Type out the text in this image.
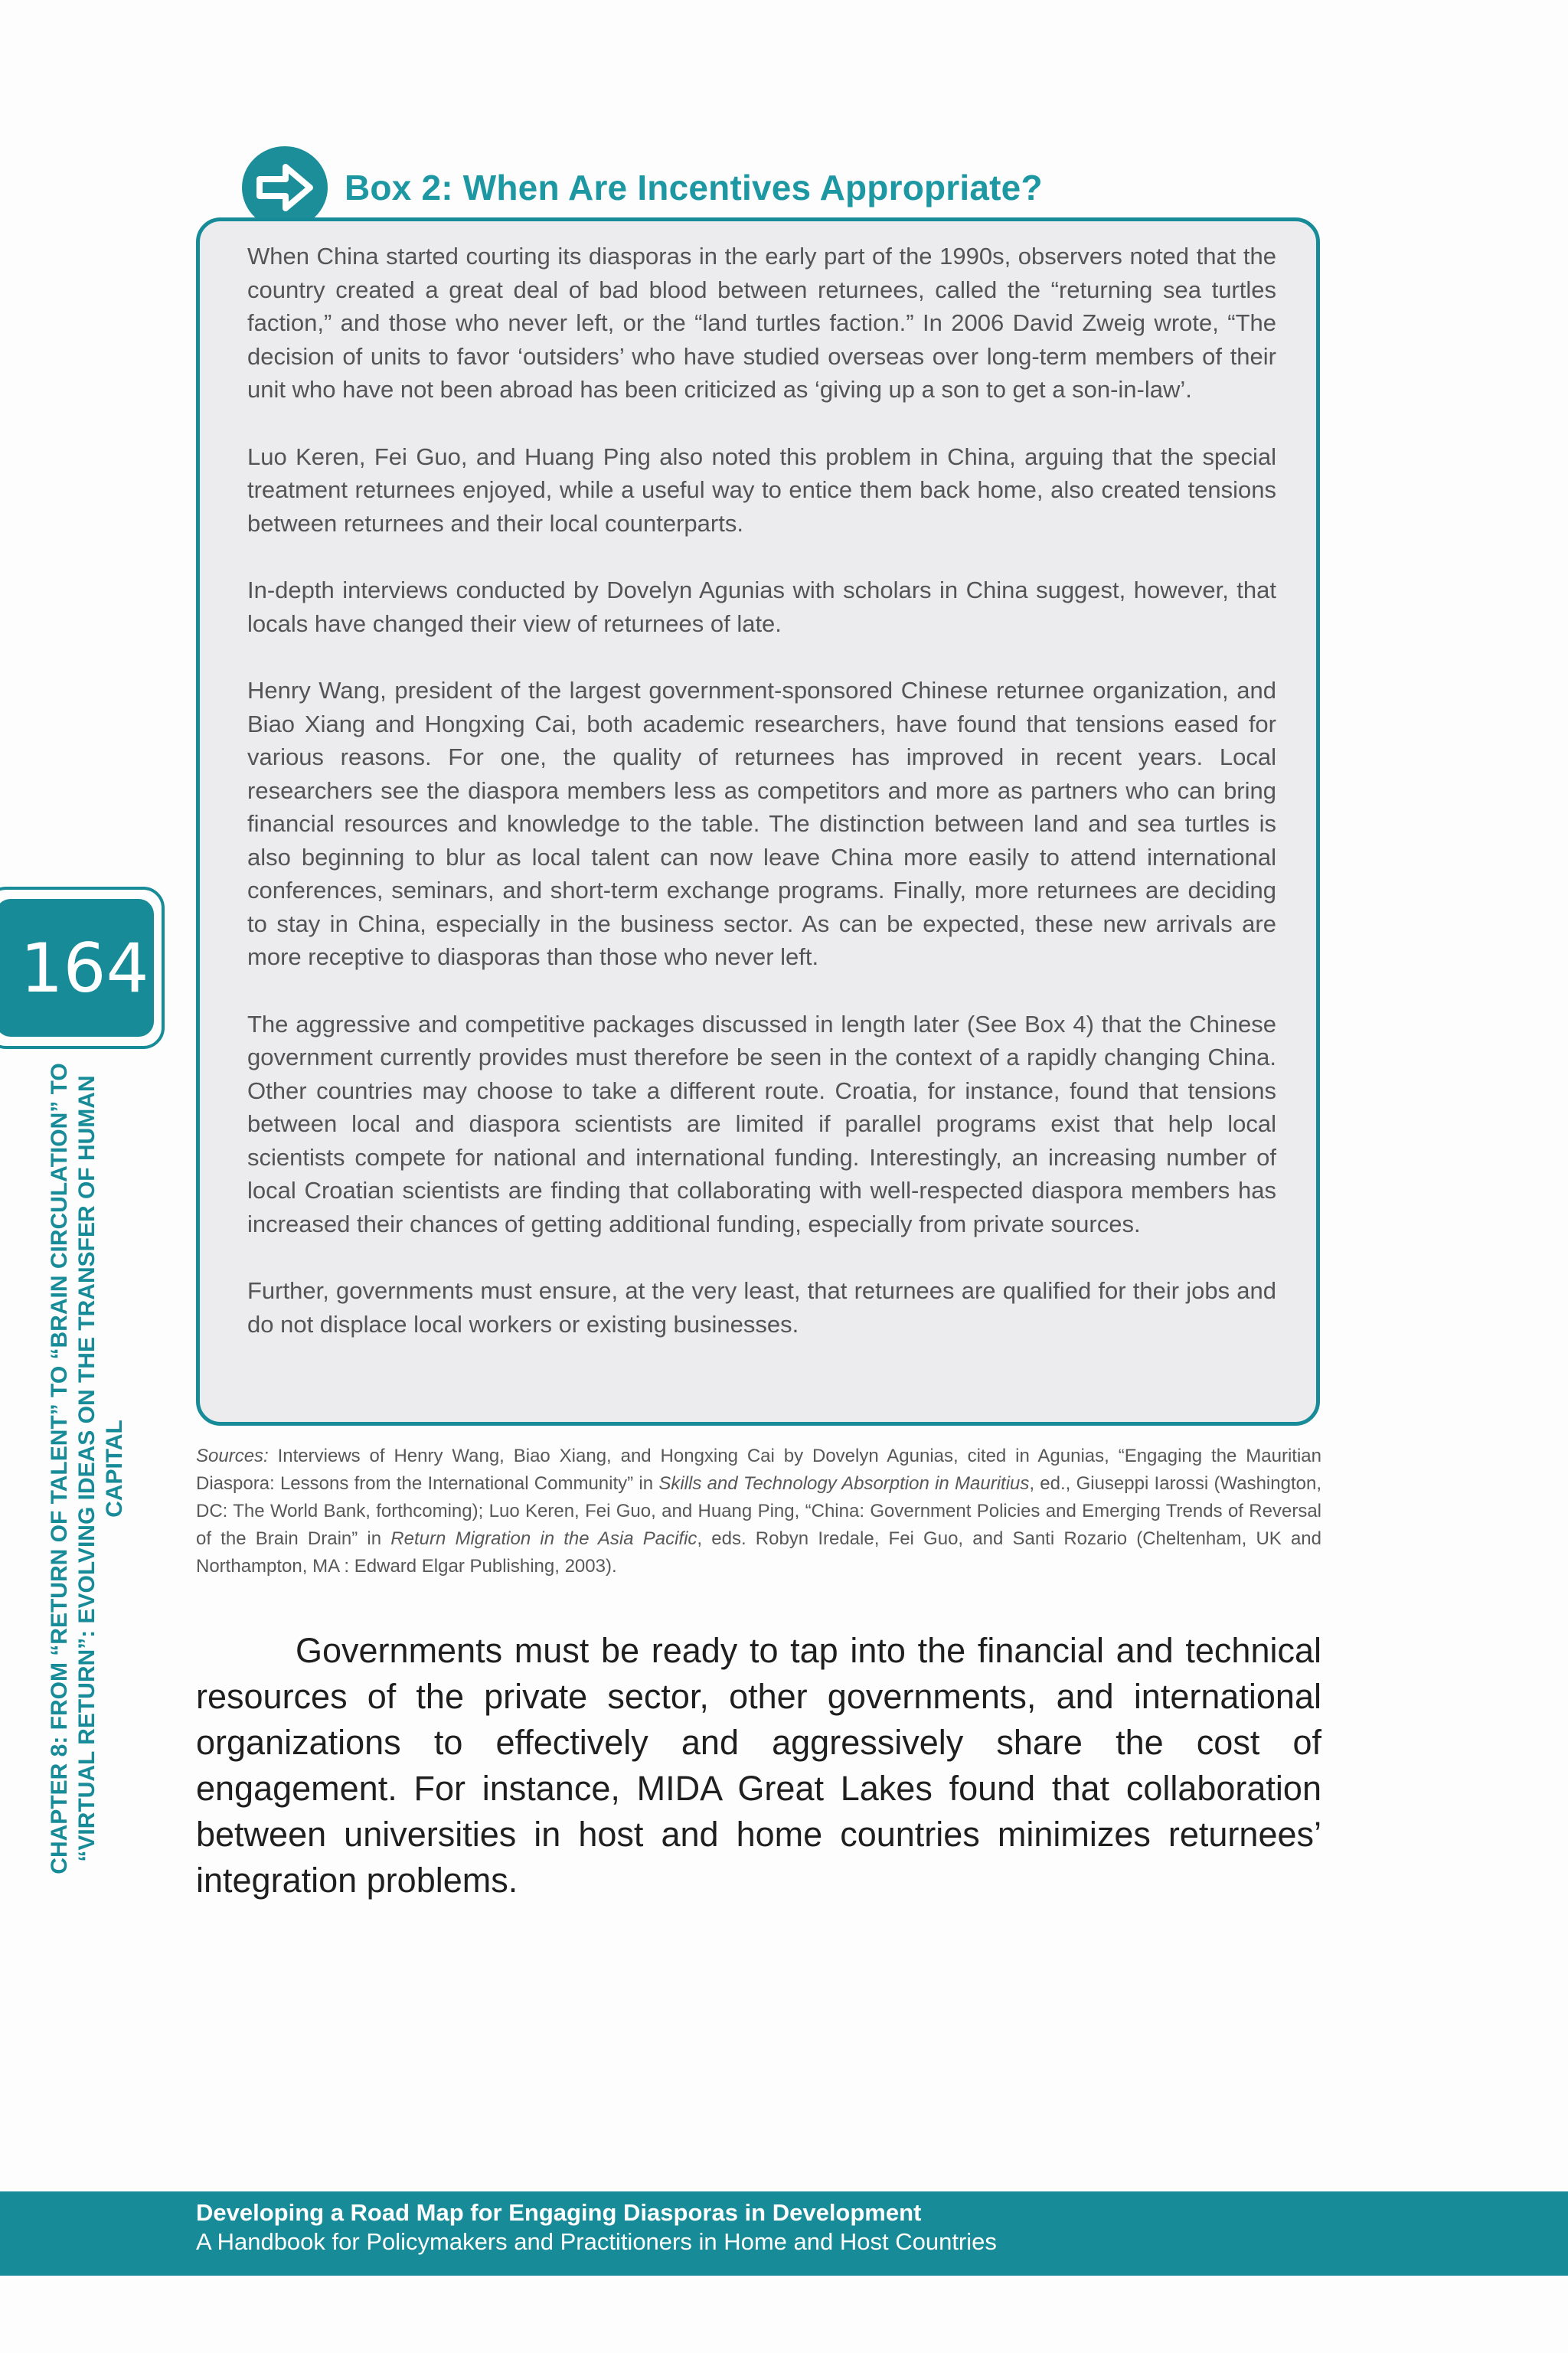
Box 2: When Are Incentives Appropriate?

When China started courting its diasporas in the early part of the 1990s, observers noted that the country created a great deal of bad blood between returnees, called the “returning sea turtles faction,” and those who never left, or the “land turtles faction.” In 2006 David Zweig wrote, “The decision of units to favor ‘outsiders’ who have studied overseas over long-term members of their unit who have not been abroad has been criticized as ‘giving up a son to get a son-in-law’.

Luo Keren, Fei Guo, and Huang Ping also noted this problem in China, arguing that the special treatment returnees enjoyed, while a useful way to entice them back home, also created tensions between returnees and their local counterparts.

In-depth interviews conducted by Dovelyn Agunias with scholars in China suggest, however, that locals have changed their view of returnees of late.

Henry Wang, president of the largest government-sponsored Chinese returnee organization, and Biao Xiang and Hongxing Cai, both academic researchers, have found that tensions eased for various reasons. For one, the quality of returnees has improved in recent years. Local researchers see the diaspora members less as competitors and more as partners who can bring financial resources and knowledge to the table. The distinction between land and sea turtles is also beginning to blur as local talent can now leave China more easily to attend international conferences, seminars, and short-term exchange programs. Finally, more returnees are deciding to stay in China, especially in the business sector. As can be expected, these new arrivals are more receptive to diasporas than those who never left.

The aggressive and competitive packages discussed in length later (See Box 4) that the Chinese government currently provides must therefore be seen in the context of a rapidly changing China. Other countries may choose to take a different route. Croatia, for instance, found that tensions between local and diaspora scientists are limited if parallel programs exist that help local scientists compete for national and international funding. Interestingly, an increasing number of local Croatian scientists are finding that collaborating with well-respected diaspora members has increased their chances of getting additional funding, especially from private sources.

Further, governments must ensure, at the very least, that returnees are qualified for their jobs and do not displace local workers or existing businesses.

Sources: Interviews of Henry Wang, Biao Xiang, and Hongxing Cai by Dovelyn Agunias, cited in Agunias, “Engaging the Mauritian Diaspora: Lessons from the International Community” in Skills and Technology Absorption in Mauritius, ed., Giuseppi Iarossi (Washington, DC: The World Bank, forthcoming); Luo Keren, Fei Guo, and Huang Ping, “China: Government Policies and Emerging Trends of Reversal of the Brain Drain” in Return Migration in the Asia Pacific, eds. Robyn Iredale, Fei Guo, and Santi Rozario (Cheltenham, UK and Northampton, MA : Edward Elgar Publishing, 2003).
Governments must be ready to tap into the financial and technical resources of the private sector, other governments, and international organizations to effectively and aggressively share the cost of engagement. For instance, MIDA Great Lakes found that collaboration between universities in host and home countries minimizes returnees’ integration problems.
164
CHAPTER 8: FROM “RETURN OF TALENT” TO “BRAIN CIRCULATION” TO “VIRTUAL RETURN”: EVOLVING IDEAS ON THE TRANSFER OF HUMAN CAPITAL
Developing a Road Map for Engaging Diasporas in Development
A Handbook for Policymakers and Practitioners in Home and Host Countries
